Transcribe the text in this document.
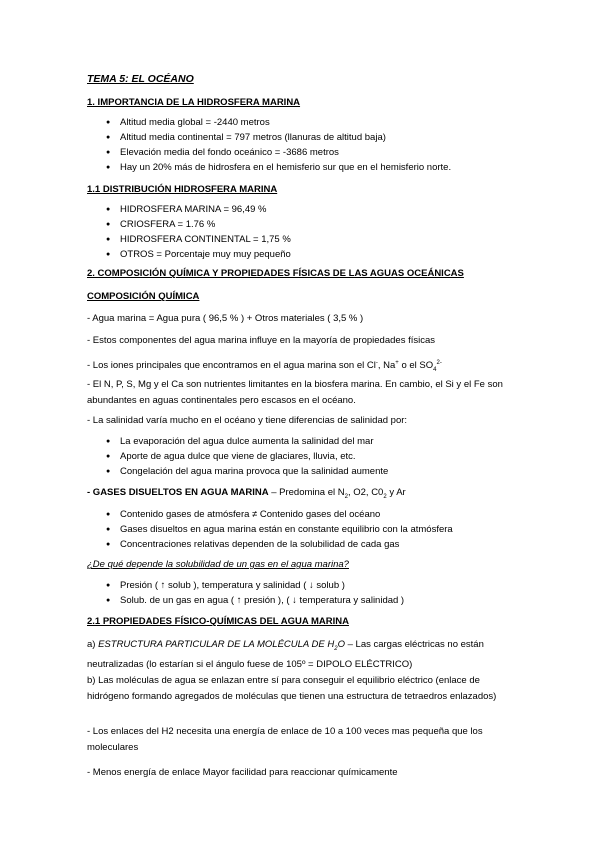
TEMA 5: EL OCÉANO
1. IMPORTANCIA DE LA HIDROSFERA MARINA
● Altitud media global = -2440 metros
● Altitud media continental = 797 metros (llanuras de altitud baja)
● Elevación media del fondo oceánico = -3686 metros
● Hay un 20% más de hidrosfera en el hemisferio sur que en el hemisferio norte.
1.1 DISTRIBUCIÓN HIDROSFERA MARINA
● HIDROSFERA MARINA = 96,49 %
● CRIOSFERA = 1.76 %
● HIDROSFERA CONTINENTAL = 1,75 %
● OTROS = Porcentaje muy muy pequeño
2. COMPOSICIÓN QUÍMICA Y PROPIEDADES FÍSICAS DE LAS AGUAS OCEÁNICAS
COMPOSICIÓN QUÍMICA
- Agua marina = Agua pura ( 96,5 % ) + Otros materiales ( 3,5 % )
- Estos componentes del agua marina influye en la mayoría de propiedades físicas
- Los iones principales que encontramos en el agua marina son el Cl-, Na+ o el $SO_4^{2-}$
- El N, P, S, Mg y el Ca son nutrientes limitantes en la biosfera marina. En cambio, el Si y el Fe son abundantes en aguas continentales pero escasos en el océano.
- La salinidad varía mucho en el océano y tiene diferencias de salinidad por:
● La evaporación del agua dulce aumenta la salinidad del mar
● Aporte de agua dulce que viene de glaciares, lluvia, etc.
● Congelación del agua marina provoca que la salinidad aumente
- GASES DISUELTOS EN AGUA MARINA – Predomina el $N_2$, O2, $C0_2$ y Ar
● Contenido gases de atmósfera ≠ Contenido gases del océano
● Gases disueltos en agua marina están en constante equilibrio con la atmósfera
● Concentraciones relativas dependen de la solubilidad de cada gas
¿De qué depende la solubilidad de un gas en el agua marina?
● Presión ( ↑ solub ), temperatura y salinidad ( ↓ solub )
● Solub. de un gas en agua ( ↑ presión ), ( ↓ temperatura y salinidad )
2.1 PROPIEDADES FÍSICO-QUÍMICAS DEL AGUA MARINA
a) ESTRUCTURA PARTICULAR DE LA MOLÉCULA DE $H_2O$ – Las cargas eléctricas no están neutralizadas (lo estarían si el ángulo fuese de 105º = DIPOLO ELÉCTRICO)
b) Las moléculas de agua se enlazan entre sí para conseguir el equilibrio eléctrico (enlace de hidrógeno formando agregados de moléculas que tienen una estructura de tetraedros enlazados)
- Los enlaces del H2 necesita una energía de enlace de 10 a 100 veces mas pequeña que los moleculares
- Menos energía de enlace Mayor facilidad para reaccionar químicamente
